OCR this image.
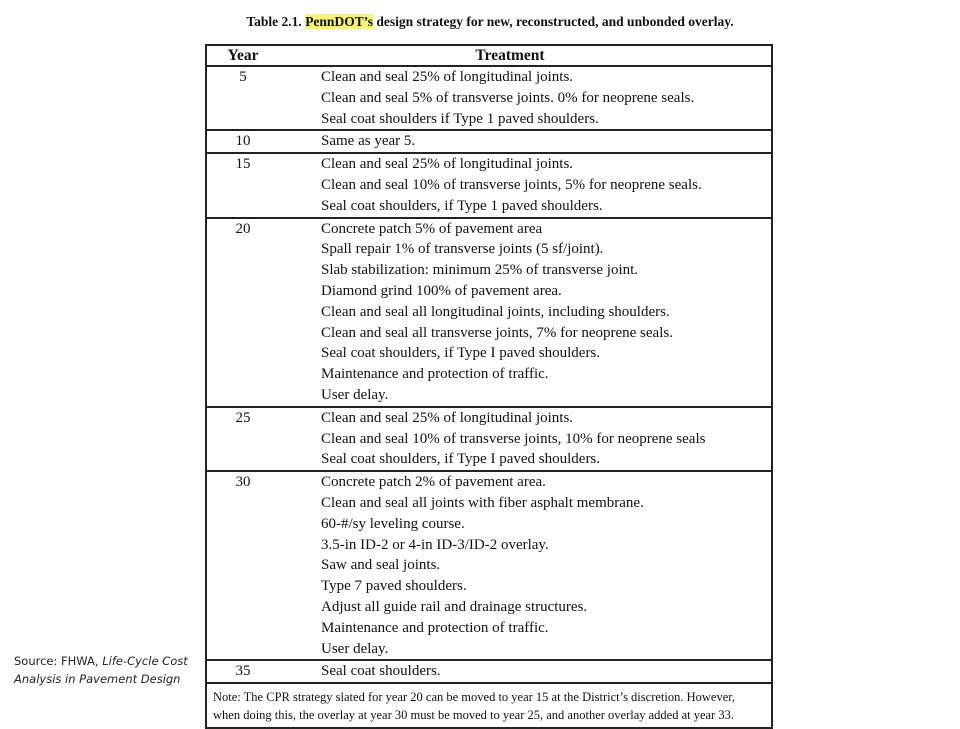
Table 2.1. PennDOT’s design strategy for new, reconstructed, and unbonded overlay.
Year	Treatment
5	Clean and seal 25% of longitudinal joints.
Clean and seal 5% of transverse joints. 0% for neoprene seals.
Seal coat shoulders if Type 1 paved shoulders.
10	Same as year 5.
15	Clean and seal 25% of longitudinal joints.
Clean and seal 10% of transverse joints, 5% for neoprene seals.
Seal coat shoulders, if Type 1 paved shoulders.
20	Concrete patch 5% of pavement area
Spall repair 1% of transverse joints (5 sf/joint).
Slab stabilization: minimum 25% of transverse joint.
Diamond grind 100% of pavement area.
Clean and seal all longitudinal joints, including shoulders.
Clean and seal all transverse joints, 7% for neoprene seals.
Seal coat shoulders, if Type I paved shoulders.
Maintenance and protection of traffic.
User delay.
25	Clean and seal 25% of longitudinal joints.
Clean and seal 10% of transverse joints, 10% for neoprene seals
Seal coat shoulders, if Type I paved shoulders.
30	Concrete patch 2% of pavement area.
Clean and seal all joints with fiber asphalt membrane.
60-#/sy leveling course.
3.5-in ID-2 or 4-in ID-3/ID-2 overlay.
Saw and seal joints.
Type 7 paved shoulders.
Adjust all guide rail and drainage structures.
Maintenance and protection of traffic.
User delay.
35	Seal coat shoulders.
Note: The CPR strategy slated for year 20 can be moved to year 15 at the District’s discretion. However, when doing this, the overlay at year 30 must be moved to year 25, and another overlay added at year 33.
Source: FHWA, Life-Cycle Cost Analysis in Pavement Design
